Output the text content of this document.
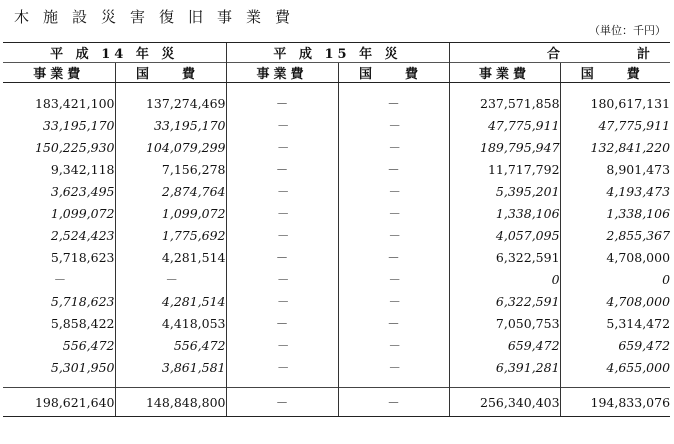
木施設災害復旧事業費
（単位：千円）
平 成 14 年 災		平 成 15 年 災		合	計
事業費	国　費	事業費	国　費	事業費	国　費

183,421,100	137,274,469	－	－	237,571,858	180,617,131
33,195,170	33,195,170	－	－	47,775,911	47,775,911
150,225,930	104,079,299	－	－	189,795,947	132,841,220
9,342,118	7,156,278	－	－	11,717,792	8,901,473
3,623,495	2,874,764	－	－	5,395,201	4,193,473
1,099,072	1,099,072	－	－	1,338,106	1,338,106
2,524,423	1,775,692	－	－	4,057,095	2,855,367
5,718,623	4,281,514	－	－	6,322,591	4,708,000
－	－	－	－	0	0
5,718,623	4,281,514	－	－	6,322,591	4,708,000
5,858,422	4,418,053	－	－	7,050,753	5,314,472
556,472	556,472	－	－	659,472	659,472
5,301,950	3,861,581	－	－	6,391,281	4,655,000

198,621,640	148,848,800	－	－	256,340,403	194,833,076
